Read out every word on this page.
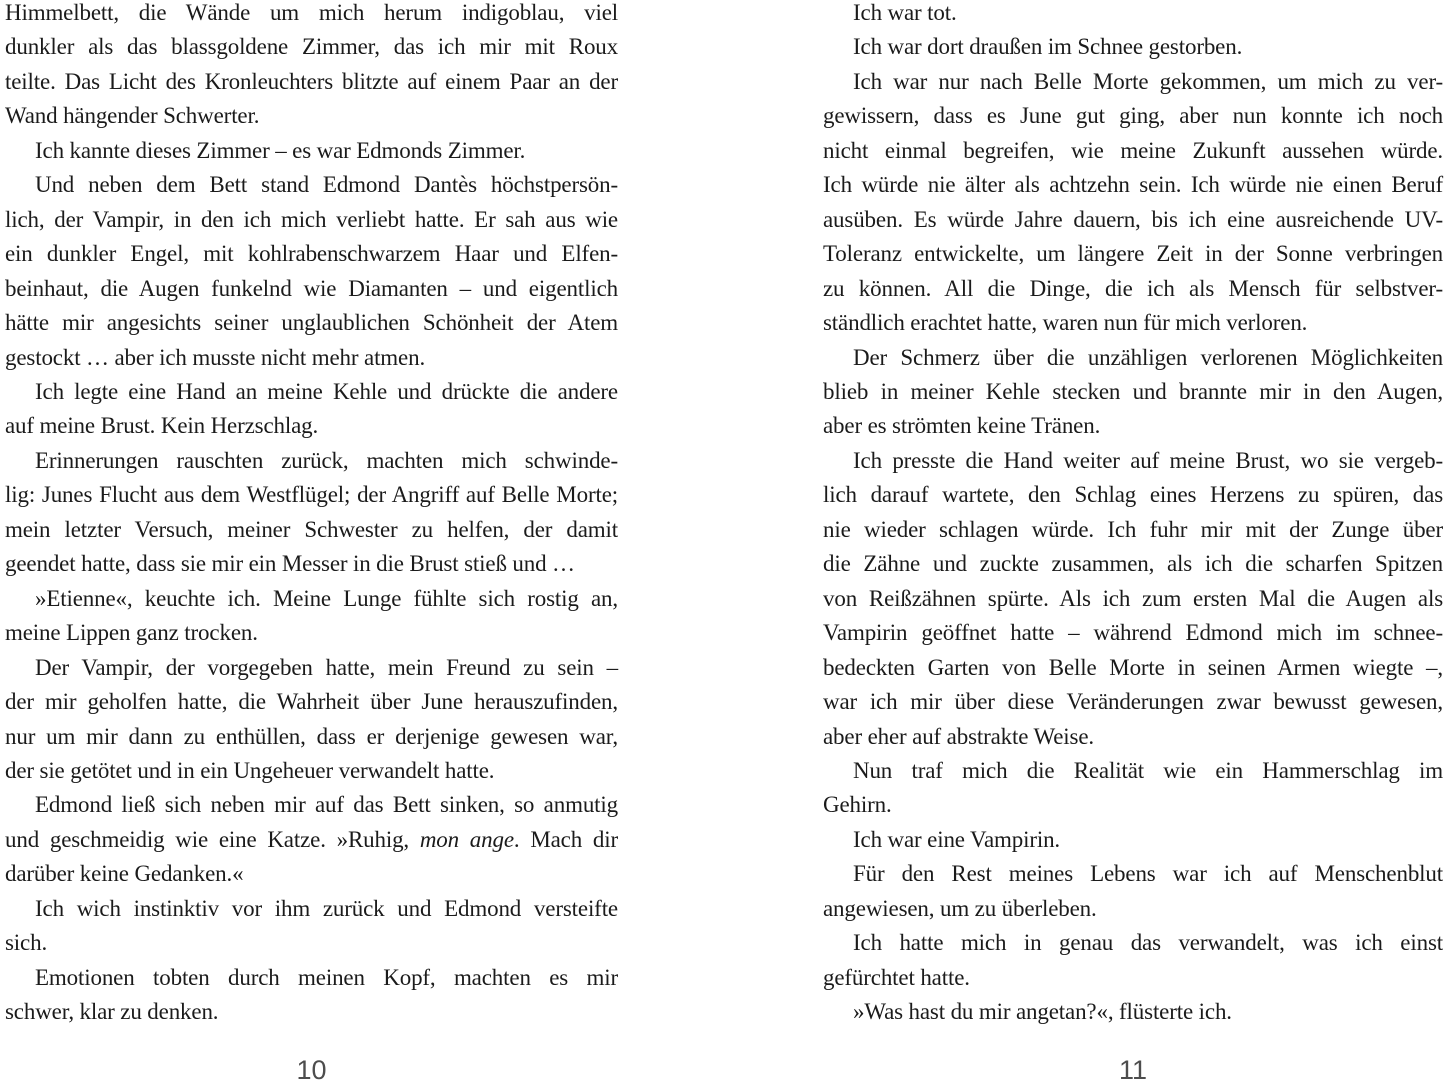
Himmelbett, die Wände um mich herum indigoblau, viel
dunkler als das blassgoldene Zimmer, das ich mir mit Roux
teilte. Das Licht des Kronleuchters blitzte auf einem Paar an der
Wand hängender Schwerter.
Ich kannte dieses Zimmer – es war Edmonds Zimmer.
Und neben dem Bett stand Edmond Dantès höchstpersön-
lich, der Vampir, in den ich mich verliebt hatte. Er sah aus wie
ein dunkler Engel, mit kohlrabenschwarzem Haar und Elfen-
beinhaut, die Augen funkelnd wie Diamanten – und eigentlich
hätte mir angesichts seiner unglaublichen Schönheit der Atem
gestockt … aber ich musste nicht mehr atmen.
Ich legte eine Hand an meine Kehle und drückte die andere
auf meine Brust. Kein Herzschlag.
Erinnerungen rauschten zurück, machten mich schwinde-
lig: Junes Flucht aus dem Westflügel; der Angriff auf Belle Morte;
mein letzter Versuch, meiner Schwester zu helfen, der damit
geendet hatte, dass sie mir ein Messer in die Brust stieß und …
»Etienne«, keuchte ich. Meine Lunge fühlte sich rostig an,
meine Lippen ganz trocken.
Der Vampir, der vorgegeben hatte, mein Freund zu sein –
der mir geholfen hatte, die Wahrheit über June herauszufinden,
nur um mir dann zu enthüllen, dass er derjenige gewesen war,
der sie getötet und in ein Ungeheuer verwandelt hatte.
Edmond ließ sich neben mir auf das Bett sinken, so anmutig
und geschmeidig wie eine Katze. »Ruhig, mon ange. Mach dir
darüber keine Gedanken.«
Ich wich instinktiv vor ihm zurück und Edmond versteifte
sich.
Emotionen tobten durch meinen Kopf, machten es mir
schwer, klar zu denken.
10
Ich war tot.
Ich war dort draußen im Schnee gestorben.
Ich war nur nach Belle Morte gekommen, um mich zu ver-
gewissern, dass es June gut ging, aber nun konnte ich noch
nicht einmal begreifen, wie meine Zukunft aussehen würde.
Ich würde nie älter als achtzehn sein. Ich würde nie einen Beruf
ausüben. Es würde Jahre dauern, bis ich eine ausreichende UV-
Toleranz entwickelte, um längere Zeit in der Sonne verbringen
zu können. All die Dinge, die ich als Mensch für selbstver-
ständlich erachtet hatte, waren nun für mich verloren.
Der Schmerz über die unzähligen verlorenen Möglichkeiten
blieb in meiner Kehle stecken und brannte mir in den Augen,
aber es strömten keine Tränen.
Ich presste die Hand weiter auf meine Brust, wo sie vergeb-
lich darauf wartete, den Schlag eines Herzens zu spüren, das
nie wieder schlagen würde. Ich fuhr mir mit der Zunge über
die Zähne und zuckte zusammen, als ich die scharfen Spitzen
von Reißzähnen spürte. Als ich zum ersten Mal die Augen als
Vampirin geöffnet hatte – während Edmond mich im schnee-
bedeckten Garten von Belle Morte in seinen Armen wiegte –,
war ich mir über diese Veränderungen zwar bewusst gewesen,
aber eher auf abstrakte Weise.
Nun traf mich die Realität wie ein Hammerschlag im
Gehirn.
Ich war eine Vampirin.
Für den Rest meines Lebens war ich auf Menschenblut
angewiesen, um zu überleben.
Ich hatte mich in genau das verwandelt, was ich einst
gefürchtet hatte.
»Was hast du mir angetan?«, flüsterte ich.
11
